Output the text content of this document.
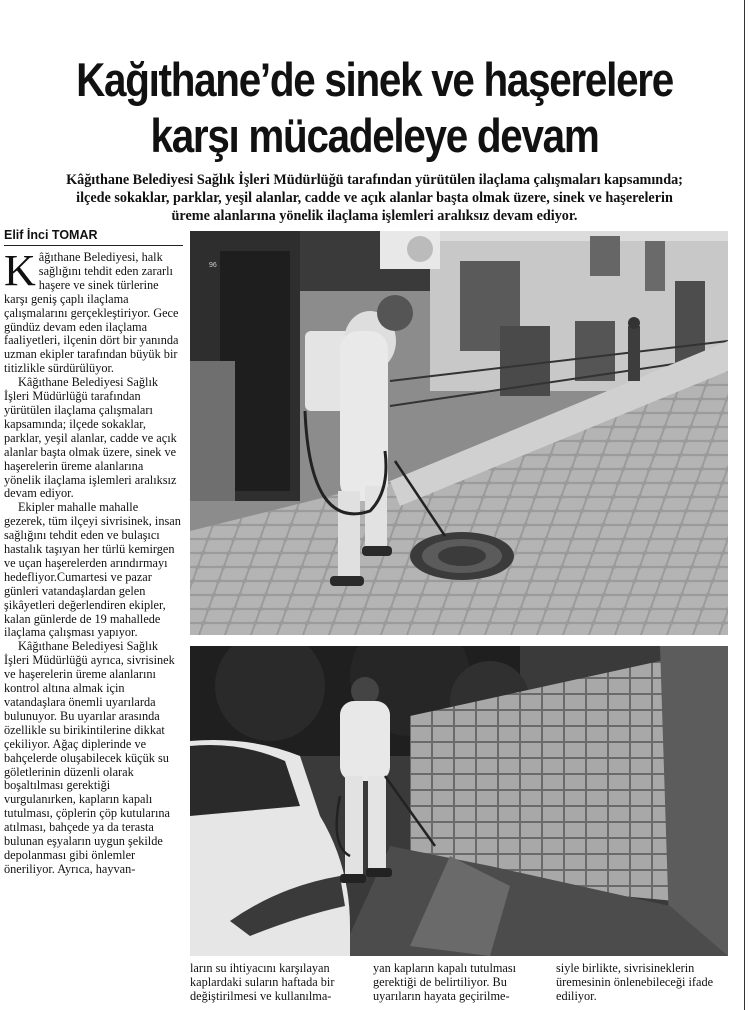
Kağıthane’de sinek ve haşerelere
karşı mücadeleye devam
Kâğıthane Belediyesi Sağlık İşleri Müdürlüğü tarafından yürütülen ilaçlama çalışmaları kapsamında;
ilçede sokaklar, parklar, yeşil alanlar, cadde ve açık alanlar başta olmak üzere, sinek ve haşerelerin
üreme alanlarına yönelik ilaçlama işlemleri aralıksız devam ediyor.
Elif İnci TOMAR

Kâğıthane Belediyesi, halk sağlığını tehdit eden zararlı haşere ve sinek türlerine karşı geniş çaplı ilaçlama çalışmalarını gerçekleştiriyor. Gece gündüz devam eden ilaçlama faaliyetleri, ilçenin dört bir yanında uzman ekipler tarafından büyük bir titizlikle sürdürülüyor.

Kâğıthane Belediyesi Sağlık İşleri Müdürlüğü tarafından yürütülen ilaçlama çalışmaları kapsamında; ilçede sokaklar, parklar, yeşil alanlar, cadde ve açık alanlar başta olmak üzere, sinek ve haşerelerin üreme alanlarına yönelik ilaçlama işlemleri aralıksız devam ediyor.

Ekipler mahalle mahalle gezerek, tüm ilçeyi sivrisinek, insan sağlığını tehdit eden ve bulaşıcı hastalık taşıyan her türlü kemirgen ve uçan haşerelerden arındırmayı hedefliyor.Cumartesi ve pazar günleri vatandaşlardan gelen şikâyetleri değerlendiren ekipler, kalan günlerde de 19 mahallede ilaçlama çalışması yapıyor.

Kâğıthane Belediyesi Sağlık İşleri Müdürlüğü ayrıca, sivrisinek ve haşerelerin üreme alanlarını kontrol altına almak için vatandaşlara önemli uyarılarda bulunuyor. Bu uyarılar arasında özellikle su birikintilerine dikkat çekiliyor. Ağaç diplerinde ve bahçelerde oluşabilecek küçük su göletlerinin düzenli olarak boşaltılması gerektiği vurgulanırken, kapların kapalı tutulması, çöplerin çöp kutularına atılması, bahçede ya da terasta bulunan eşyaların uygun şekilde depolanması gibi önlemler öneriliyor. Ayrıca, hayvan-

96

ların su ihtiyacını karşılayan kaplardaki suların haftada bir değiştirilmesi ve kullanılma-

yan kapların kapalı tutulması gerektiği de belirtiliyor. Bu uyarıların hayata geçirilme-

siyle birlikte, sivrisineklerin üremesinin önlenebileceği ifade ediliyor.
